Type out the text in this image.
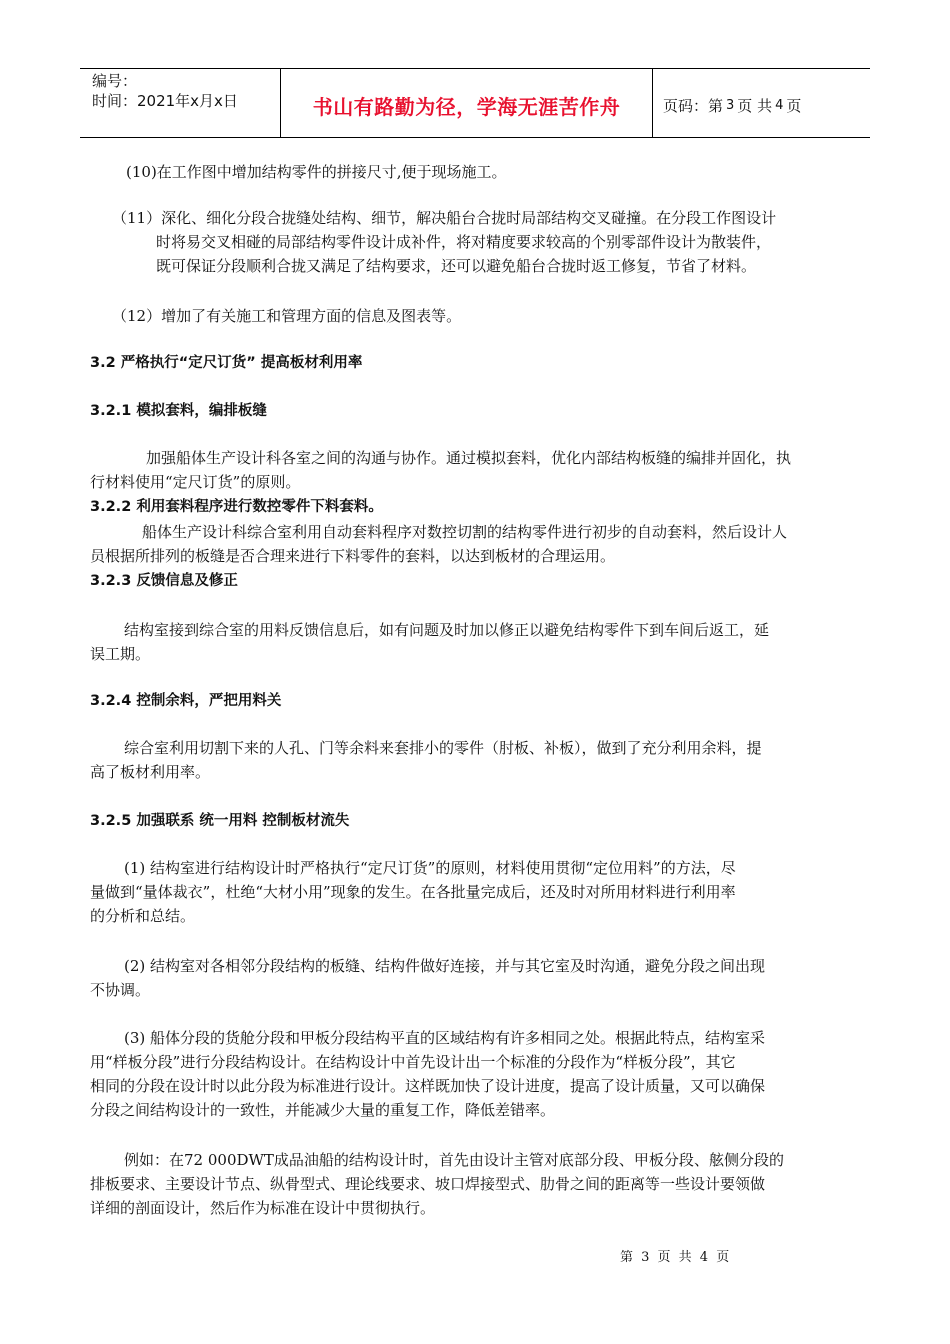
编号：
时间：2021年x月x日	书山有路勤为径，学海无涯苦作舟	页码：第 3 页 共 4 页

(10)在工作图中增加结构零件的拼接尺寸,便于现场施工。

（11）深化、细化分段合拢缝处结构、细节，解决船台合拢时局部结构交叉碰撞。在分段工作图设计

时将易交叉相碰的局部结构零件设计成补件，将对精度要求较高的个别零部件设计为散装件，

既可保证分段顺利合拢又满足了结构要求，还可以避免船台合拢时返工修复，节省了材料。

（12）增加了有关施工和管理方面的信息及图表等。

3.2 严格执行“定尺订货” 提高板材利用率
3.2.1 模拟套料，编排板缝

加强船体生产设计科各室之间的沟通与协作。通过模拟套料，优化内部结构板缝的编排并固化，执

行材料使用“定尺订货”的原则。

3.2.2 利用套料程序进行数控零件下料套料。

船体生产设计科综合室利用自动套料程序对数控切割的结构零件进行初步的自动套料，然后设计人

员根据所排列的板缝是否合理来进行下料零件的套料，以达到板材的合理运用。

3.2.3 反馈信息及修正

结构室接到综合室的用料反馈信息后，如有问题及时加以修正以避免结构零件下到车间后返工，延

误工期。

3.2.4 控制余料，严把用料关

综合室利用切割下来的人孔、门等余料来套排小的零件（肘板、补板），做到了充分利用余料，提

高了板材利用率。

3.2.5 加强联系 统一用料 控制板材流失

(1) 结构室进行结构设计时严格执行“定尺订货”的原则，材料使用贯彻“定位用料”的方法，尽

量做到“量体裁衣”，杜绝“大材小用”现象的发生。在各批量完成后，还及时对所用材料进行利用率

的分析和总结。

(2) 结构室对各相邻分段结构的板缝、结构件做好连接，并与其它室及时沟通，避免分段之间出现

不协调。

(3) 船体分段的货舱分段和甲板分段结构平直的区域结构有许多相同之处。根据此特点，结构室采

用“样板分段”进行分段结构设计。在结构设计中首先设计出一个标准的分段作为“样板分段”，其它

相同的分段在设计时以此分段为标准进行设计。这样既加快了设计进度，提高了设计质量，又可以确保

分段之间结构设计的一致性，并能减少大量的重复工作，降低差错率。

例如：在72 000DWT成品油船的结构设计时，首先由设计主管对底部分段、甲板分段、舷侧分段的

排板要求、主要设计节点、纵骨型式、理论线要求、坡口焊接型式、肋骨之间的距离等一些设计要领做

详细的剖面设计，然后作为标准在设计中贯彻执行。

第 3 页 共 4 页
